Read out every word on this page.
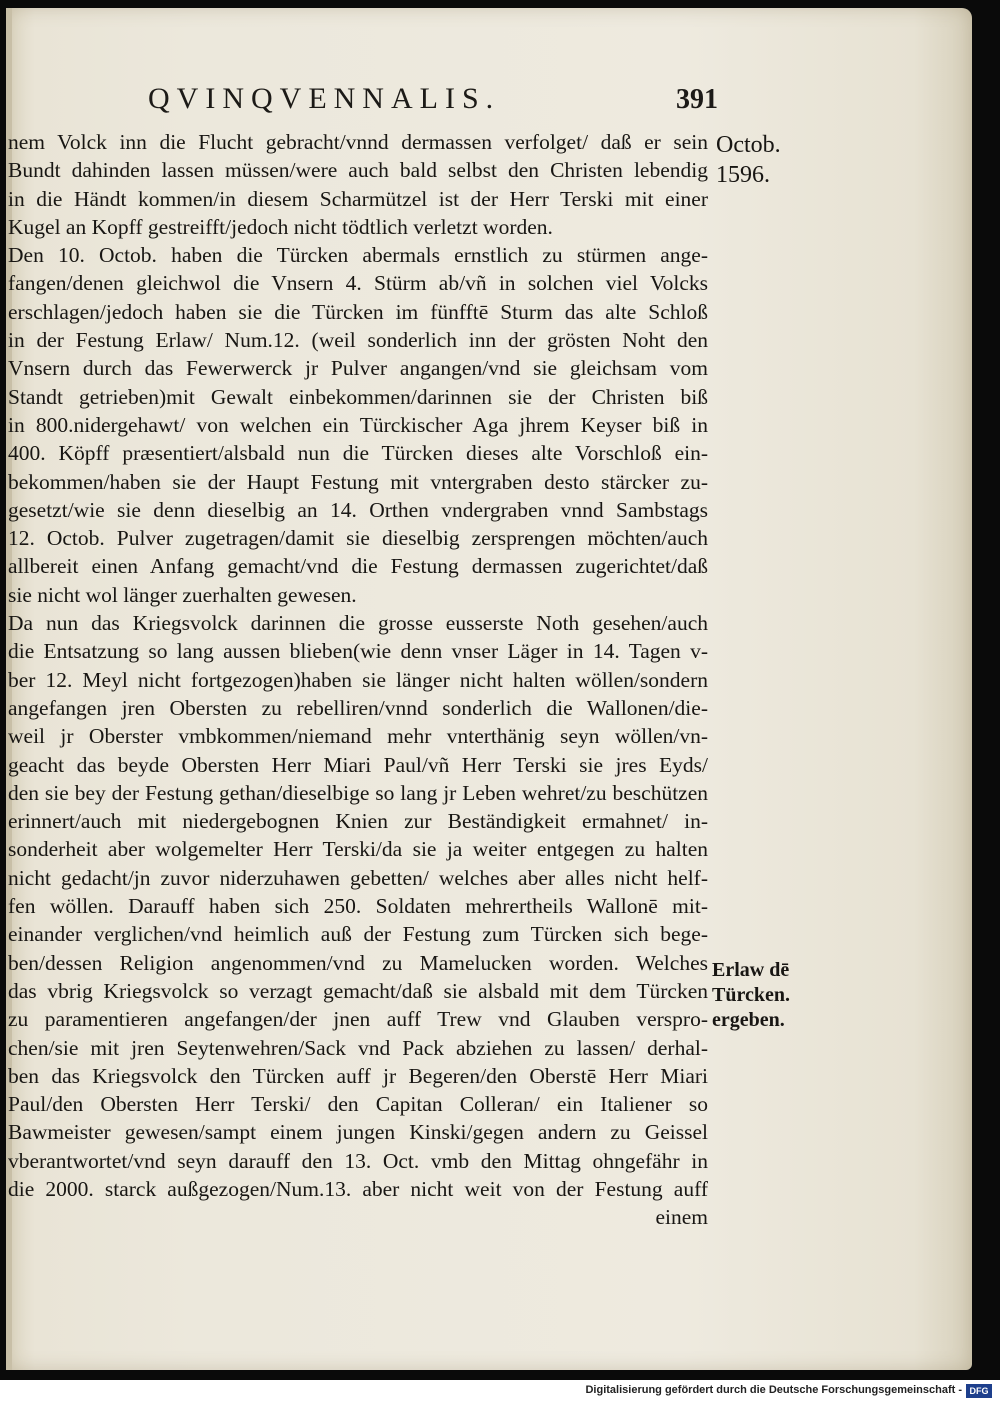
QVINQVENNALIS.	391
nem Volck inn die Flucht gebracht/vnnd dermassen verfolget/ daß er sein
Bundt dahinden lassen müssen/were auch bald selbst den Christen lebendig
in die Händt kommen/in diesem Scharmützel ist der Herr Terski mit einer
Kugel an Kopff gestreifft/jedoch nicht tödtlich verletzt worden.
Den 10. Octob. haben die Türcken abermals ernstlich zu stürmen ange-
fangen/denen gleichwol die Vnsern 4. Stürm ab/vñ in solchen viel Volcks
erschlagen/jedoch haben sie die Türcken im fünfftē Sturm das alte Schloß
in der Festung Erlaw/ Num.12. (weil sonderlich inn der grösten Noht den
Vnsern durch das Fewerwerck jr Pulver angangen/vnd sie gleichsam vom
Standt getrieben)mit Gewalt einbekommen/darinnen sie der Christen biß
in 800.nidergehawt/ von welchen ein Türckischer Aga jhrem Keyser biß in
400. Köpff præsentiert/alsbald nun die Türcken dieses alte Vorschloß ein-
bekommen/haben sie der Haupt Festung mit vntergraben desto stärcker zu-
gesetzt/wie sie denn dieselbig an 14. Orthen vndergraben vnnd Sambstags
12. Octob. Pulver zugetragen/damit sie dieselbig zersprengen möchten/auch
allbereit einen Anfang gemacht/vnd die Festung dermassen zugerichtet/daß
sie nicht wol länger zuerhalten gewesen.
Da nun das Kriegsvolck darinnen die grosse eusserste Noth gesehen/auch
die Entsatzung so lang aussen blieben(wie denn vnser Läger in 14. Tagen v-
ber 12. Meyl nicht fortgezogen)haben sie länger nicht halten wöllen/sondern
angefangen jren Obersten zu rebelliren/vnnd sonderlich die Wallonen/die-
weil jr Oberster vmbkommen/niemand mehr vnterthänig seyn wöllen/vn-
geacht das beyde Obersten Herr Miari Paul/vñ Herr Terski sie jres Eyds/
den sie bey der Festung gethan/dieselbige so lang jr Leben wehret/zu beschützen
erinnert/auch mit niedergebognen Knien zur Beständigkeit ermahnet/ in-
sonderheit aber wolgemelter Herr Terski/da sie ja weiter entgegen zu halten
nicht gedacht/jn zuvor niderzuhawen gebetten/ welches aber alles nicht helf-
fen wöllen. Darauff haben sich 250. Soldaten mehrertheils Wallonē mit-
einander verglichen/vnd heimlich auß der Festung zum Türcken sich bege-
ben/dessen Religion angenommen/vnd zu Mamelucken worden. Welches
das vbrig Kriegsvolck so verzagt gemacht/daß sie alsbald mit dem Türcken
zu paramentieren angefangen/der jnen auff Trew vnd Glauben verspro-
chen/sie mit jren Seytenwehren/Sack vnd Pack abziehen zu lassen/ derhal-
ben das Kriegsvolck den Türcken auff jr Begeren/den Oberstē Herr Miari
Paul/den Obersten Herr Terski/ den Capitan Colleran/ ein Italiener so
Bawmeister gewesen/sampt einem jungen Kinski/gegen andern zu Geissel
vberantwortet/vnd seyn darauff den 13. Oct. vmb den Mittag ohngefähr in
die 2000. starck außgezogen/Num.13. aber nicht weit von der Festung auff
einem
Octob.
1596.
Erlaw dē
Türcken.
ergeben.
Digitalisierung gefördert durch die Deutsche Forschungsgemeinschaft - DFG
